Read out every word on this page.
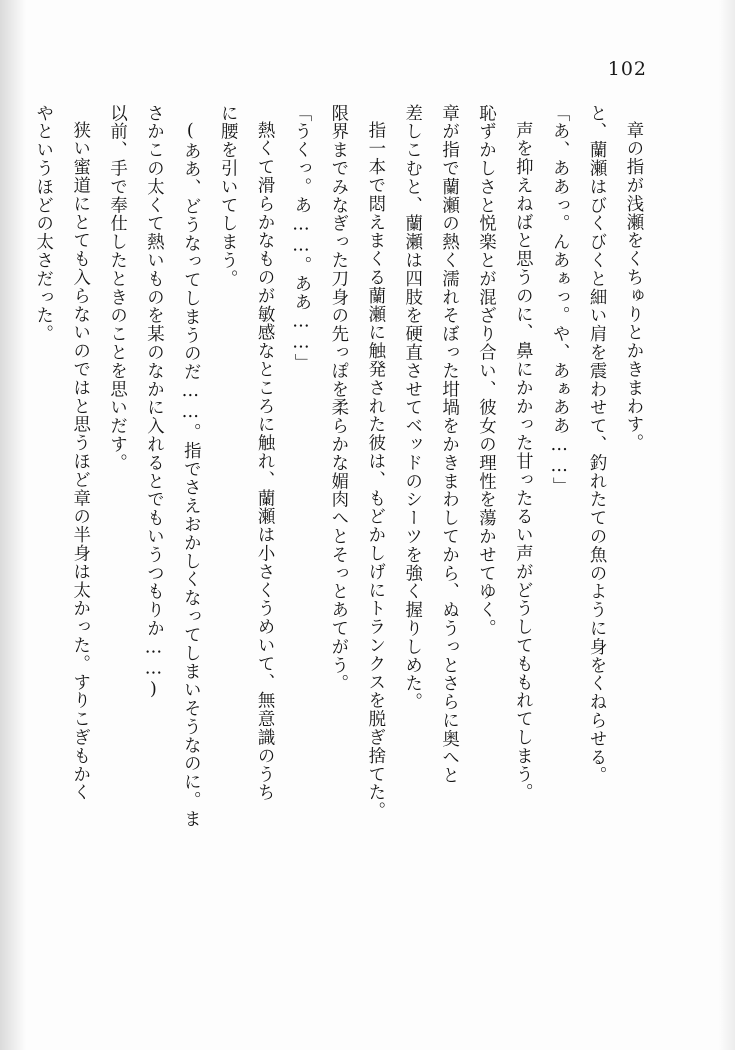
102
章の指が浅瀬をくちゅりとかきまわす。
と、蘭瀬はびくびくと細い肩を震わせて、釣れたての魚のように身をくねらせる。
「あ、ああっ。んあぁっ。や、あぁああ……」
声を抑えねばと思うのに、鼻にかかった甘ったるい声がどうしてももれてしまう。
恥ずかしさと悦楽とが混ざり合い、彼女の理性を蕩かせてゆく。
章が指で蘭瀬の熱く濡れそぼった坩堝をかきまわしてから、ぬうっとさらに奥へと
差しこむと、蘭瀬は四肢を硬直させてベッドのシーツを強く握りしめた。
指一本で悶えまくる蘭瀬に触発された彼は、もどかしげにトランクスを脱ぎ捨てた。
限界までみなぎった刀身の先っぽを柔らかな媚肉へとそっとあてがう。
「うくっ。あ……。ああ……」
熱くて滑らかなものが敏感なところに触れ、蘭瀬は小さくうめいて、無意識のうち
に腰を引いてしまう。
(ああ、どうなってしまうのだ……。指でさえおかしくなってしまいそうなのに。ま
さかこの太くて熱いものを某のなかに入れるとでもいうつもりか……)
以前、手で奉仕したときのことを思いだす。
狭い蜜道にとても入らないのではと思うほど章の半身は太かった。すりこぎもかく
やというほどの太さだった。
